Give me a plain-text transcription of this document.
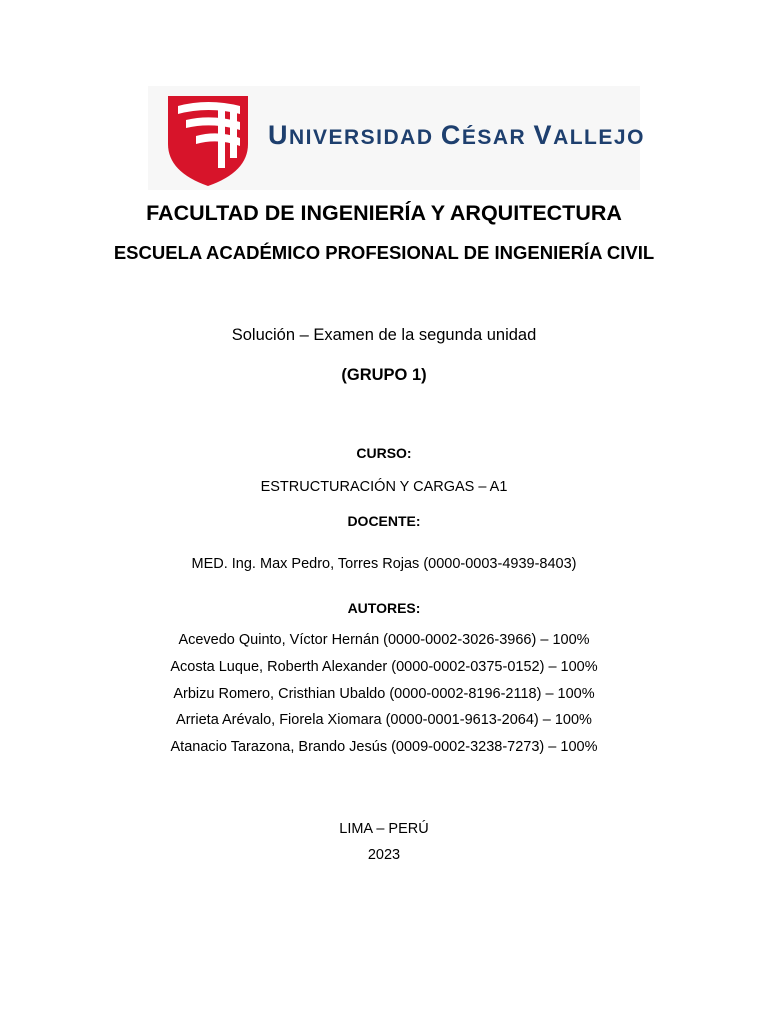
UNIVERSIDAD CÉSAR VALLEJO
FACULTAD DE INGENIERÍA Y ARQUITECTURA
ESCUELA ACADÉMICO PROFESIONAL DE INGENIERÍA CIVIL
Solución – Examen de la segunda unidad
(GRUPO 1)
CURSO:
ESTRUCTURACIÓN Y CARGAS – A1
DOCENTE:
MED. Ing. Max Pedro, Torres Rojas (0000-0003-4939-8403)
AUTORES:
Acevedo Quinto, Víctor Hernán (0000-0002-3026-3966) – 100%
Acosta Luque, Roberth Alexander (0000-0002-0375-0152) – 100%
Arbizu Romero, Cristhian Ubaldo (0000-0002-8196-2118) – 100%
Arrieta Arévalo, Fiorela Xiomara (0000-0001-9613-2064) – 100%
Atanacio Tarazona, Brando Jesús (0009-0002-3238-7273) – 100%
LIMA – PERÚ
2023
